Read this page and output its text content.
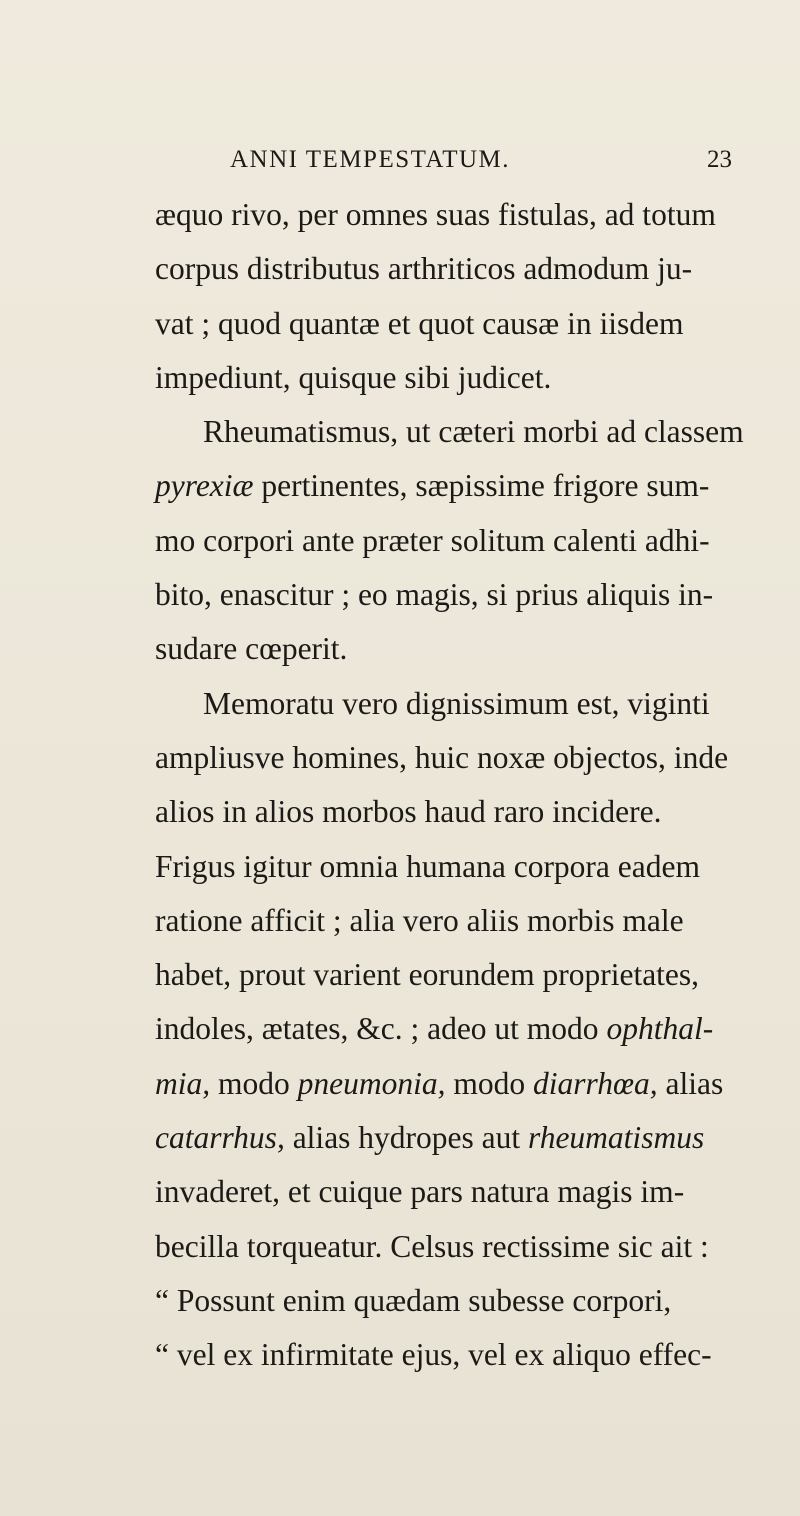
ANNI TEMPESTATUM.	23
æquo rivo, per omnes suas fistulas, ad totum
corpus distributus arthriticos admodum ju-
vat ; quod quantæ et quot causæ in iisdem
impediunt, quisque sibi judicet.
Rheumatismus, ut cæteri morbi ad classem
pyrexiæ pertinentes, sæpissime frigore sum-
mo corpori ante præter solitum calenti adhi-
bito, enascitur ; eo magis, si prius aliquis in-
sudare cœperit.
Memoratu vero dignissimum est, viginti
ampliusve homines, huic noxæ objectos, inde
alios in alios morbos haud raro incidere.
Frigus igitur omnia humana corpora eadem
ratione afficit ; alia vero aliis morbis male
habet, prout varient eorundem proprietates,
indoles, ætates, &c. ; adeo ut modo ophthal-
mia, modo pneumonia, modo diarrhœa, alias
catarrhus, alias hydropes aut rheumatismus
invaderet, et cuique pars natura magis im-
becilla torqueatur. Celsus rectissime sic ait :
“ Possunt enim quædam subesse corpori,
“ vel ex infirmitate ejus, vel ex aliquo effec-
